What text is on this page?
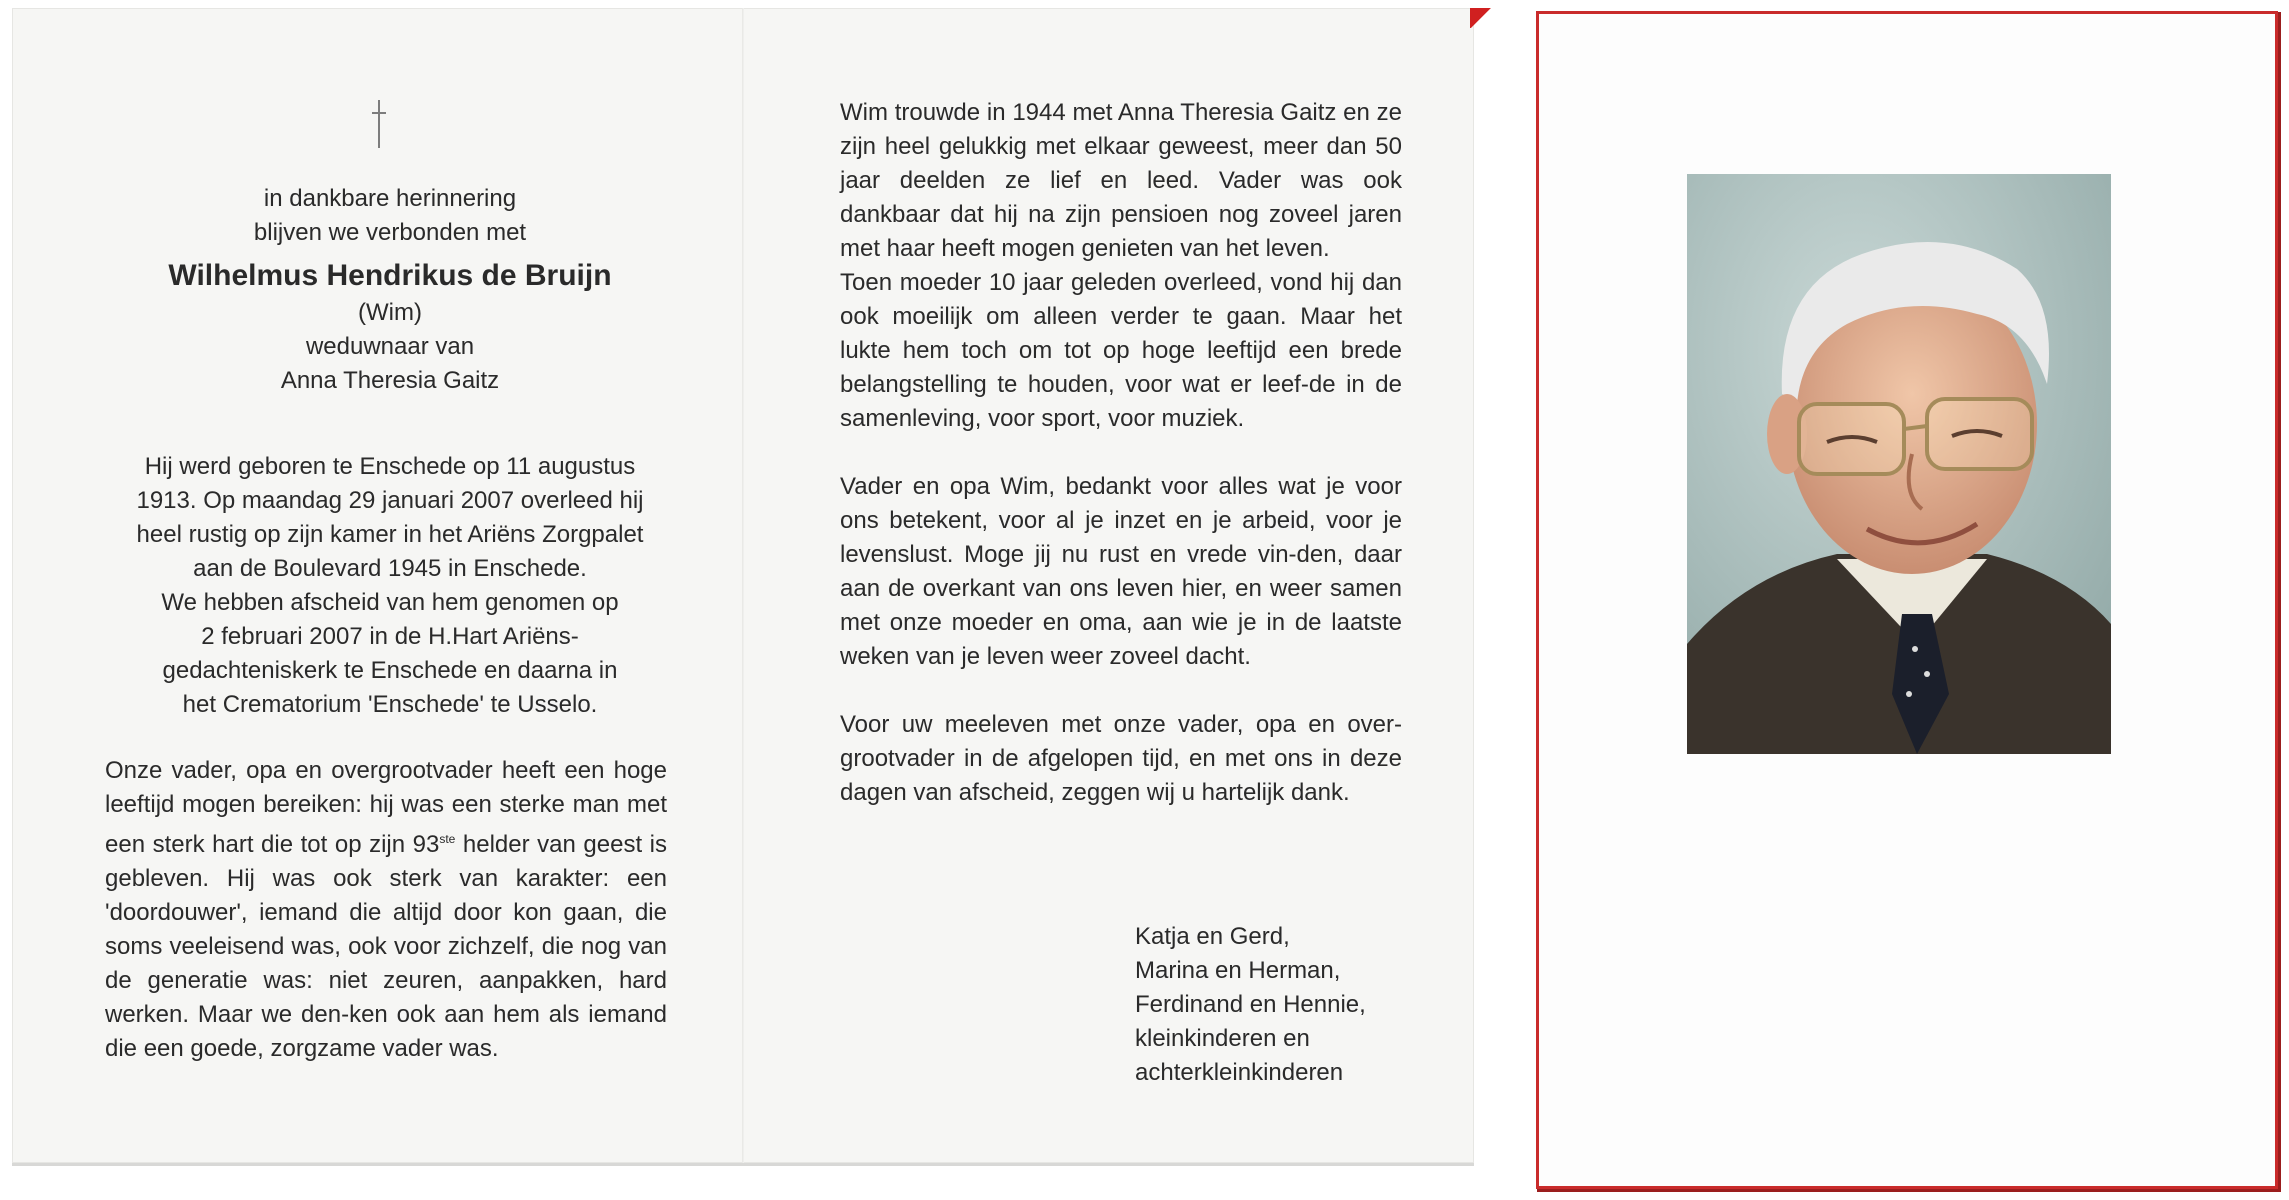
in dankbare herinnering

blijven we verbonden met

Wilhelmus Hendrikus de Bruijn

(Wim)

weduwnaar van

Anna Theresia Gaitz

Hij werd geboren te Enschede op 11 augustus

1913. Op maandag 29 januari 2007 overleed hij

heel rustig op zijn kamer in het Ariëns Zorgpalet

aan de Boulevard 1945 in Enschede.

We hebben afscheid van hem genomen op

2 februari 2007 in de H.Hart Ariëns-

gedachteniskerk te Enschede en daarna in

het Crematorium 'Enschede' te Usselo.

Onze vader, opa en overgrootvader heeft een hoge leeftijd mogen bereiken: hij was een sterke man met een sterk hart die tot op zijn 93ste helder van geest is gebleven. Hij was ook sterk van karakter: een 'doordouwer', iemand die altijd door kon gaan, die soms veeleisend was, ook voor zichzelf, die nog van de generatie was: niet zeuren, aanpakken, hard werken. Maar we den-ken ook aan hem als iemand die een goede, zorgzame vader was.

Wim trouwde in 1944 met Anna Theresia Gaitz en ze zijn heel gelukkig met elkaar geweest, meer dan 50 jaar deelden ze lief en leed. Vader was ook dankbaar dat hij na zijn pensioen nog zoveel jaren met haar heeft mogen genieten van het leven.

Toen moeder 10 jaar geleden overleed, vond hij dan ook moeilijk om alleen verder te gaan. Maar het lukte hem toch om tot op hoge leeftijd een brede belangstelling te houden, voor wat er leef-de in de samenleving, voor sport, voor muziek.

Vader en opa Wim, bedankt voor alles wat je voor ons betekent, voor al je inzet en je arbeid, voor je levenslust. Moge jij nu rust en vrede vin-den, daar aan de overkant van ons leven hier, en weer samen met onze moeder en oma, aan wie je in de laatste weken van je leven weer zoveel dacht.

Voor uw meeleven met onze vader, opa en over-grootvader in de afgelopen tijd, en met ons in deze dagen van afscheid, zeggen wij u hartelijk dank.

Katja en Gerd,

Marina en Herman,

Ferdinand en Hennie,

kleinkinderen en

achterkleinkinderen
